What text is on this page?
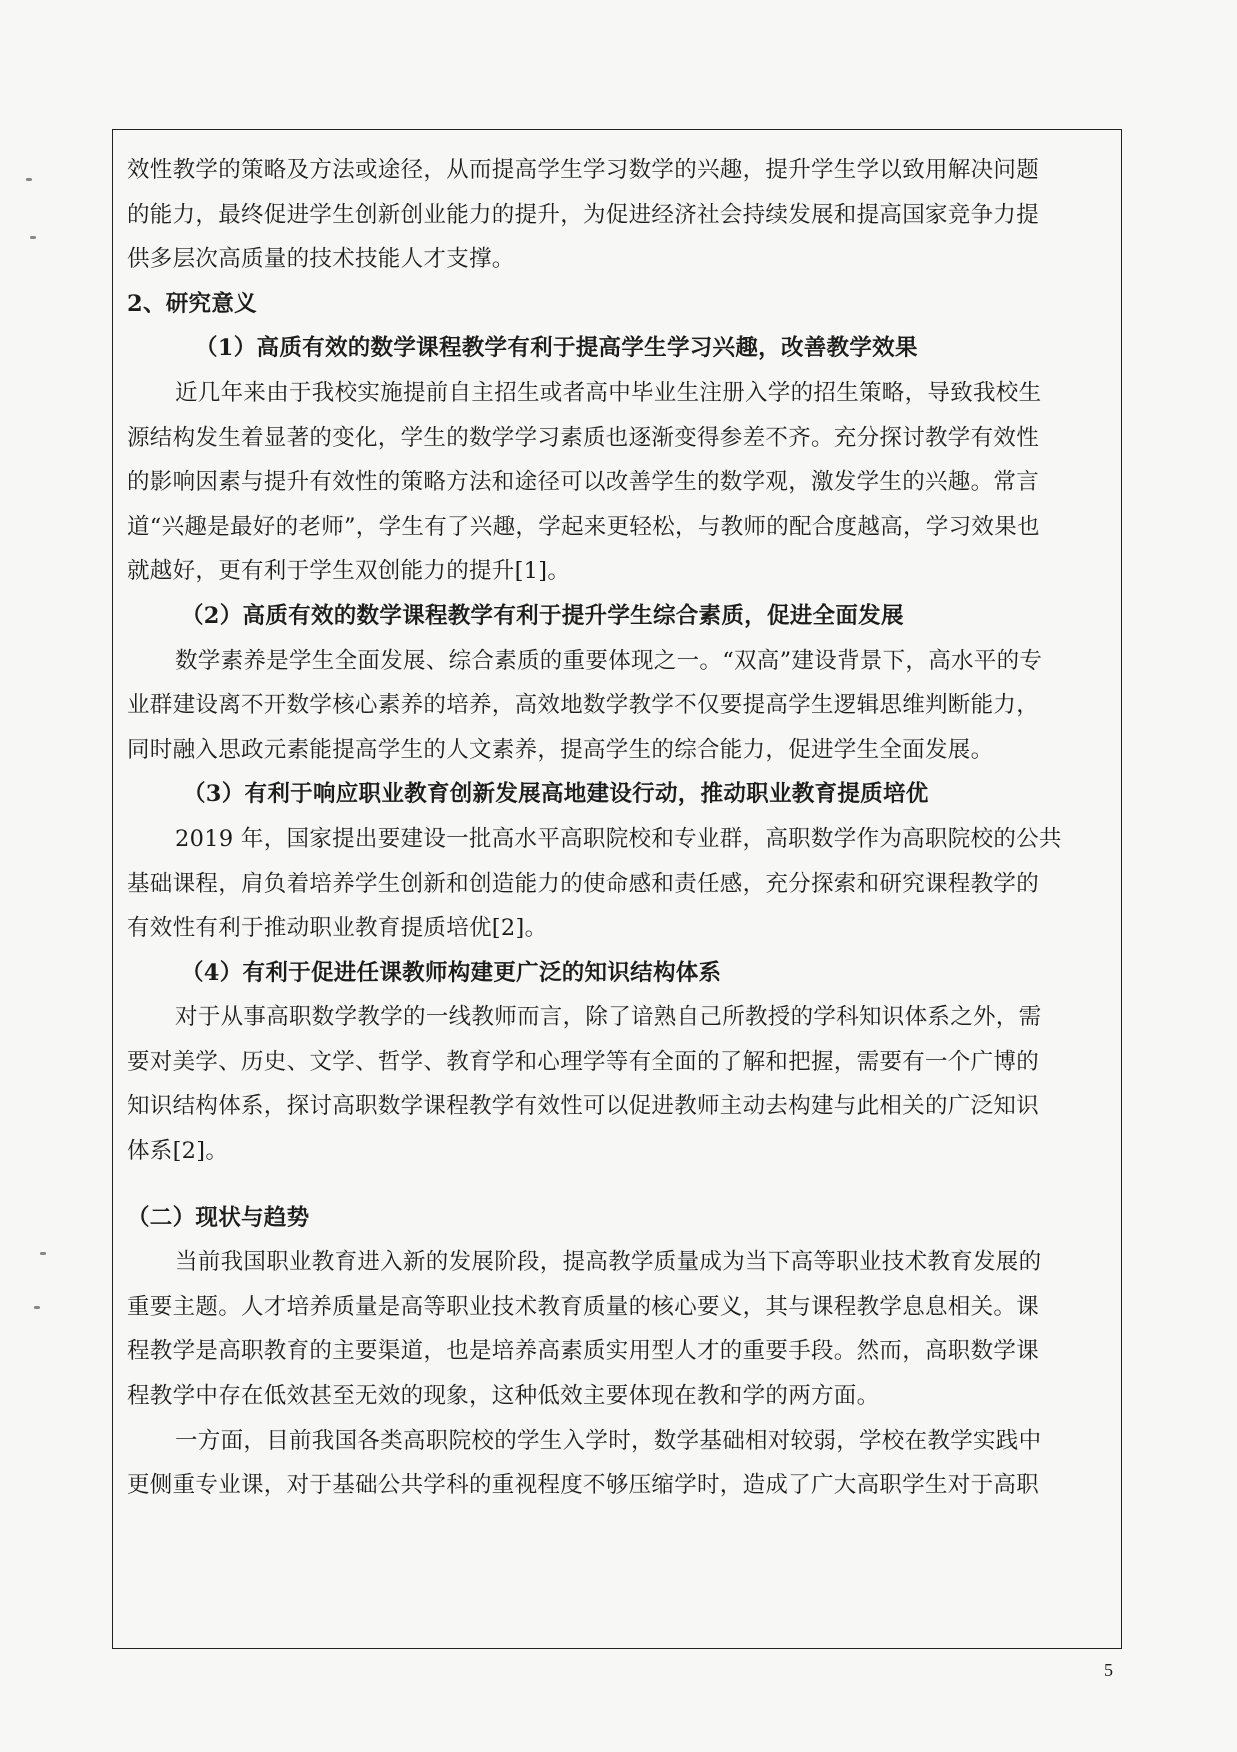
效性教学的策略及方法或途径，从而提高学生学习数学的兴趣，提升学生学以致用解决问题
的能力，最终促进学生创新创业能力的提升，为促进经济社会持续发展和提高国家竞争力提
供多层次高质量的技术技能人才支撑。
2、研究意义
（1）高质有效的数学课程教学有利于提高学生学习兴趣，改善教学效果
近几年来由于我校实施提前自主招生或者高中毕业生注册入学的招生策略，导致我校生
源结构发生着显著的变化，学生的数学学习素质也逐渐变得参差不齐。充分探讨教学有效性
的影响因素与提升有效性的策略方法和途径可以改善学生的数学观，激发学生的兴趣。常言
道“兴趣是最好的老师”，学生有了兴趣，学起来更轻松，与教师的配合度越高，学习效果也
就越好，更有利于学生双创能力的提升[1]。
（2）高质有效的数学课程教学有利于提升学生综合素质，促进全面发展
数学素养是学生全面发展、综合素质的重要体现之一。“双高”建设背景下，高水平的专
业群建设离不开数学核心素养的培养，高效地数学教学不仅要提高学生逻辑思维判断能力，
同时融入思政元素能提高学生的人文素养，提高学生的综合能力，促进学生全面发展。
（3）有利于响应职业教育创新发展高地建设行动，推动职业教育提质培优
2019 年，国家提出要建设一批高水平高职院校和专业群，高职数学作为高职院校的公共
基础课程，肩负着培养学生创新和创造能力的使命感和责任感，充分探索和研究课程教学的
有效性有利于推动职业教育提质培优[2]。
（4）有利于促进任课教师构建更广泛的知识结构体系
对于从事高职数学教学的一线教师而言，除了谙熟自己所教授的学科知识体系之外，需
要对美学、历史、文学、哲学、教育学和心理学等有全面的了解和把握，需要有一个广博的
知识结构体系，探讨高职数学课程教学有效性可以促进教师主动去构建与此相关的广泛知识
体系[2]。
（二）现状与趋势
当前我国职业教育进入新的发展阶段，提高教学质量成为当下高等职业技术教育发展的
重要主题。人才培养质量是高等职业技术教育质量的核心要义，其与课程教学息息相关。课
程教学是高职教育的主要渠道，也是培养高素质实用型人才的重要手段。然而，高职数学课
程教学中存在低效甚至无效的现象，这种低效主要体现在教和学的两方面。
一方面，目前我国各类高职院校的学生入学时，数学基础相对较弱，学校在教学实践中
更侧重专业课，对于基础公共学科的重视程度不够压缩学时，造成了广大高职学生对于高职
5
